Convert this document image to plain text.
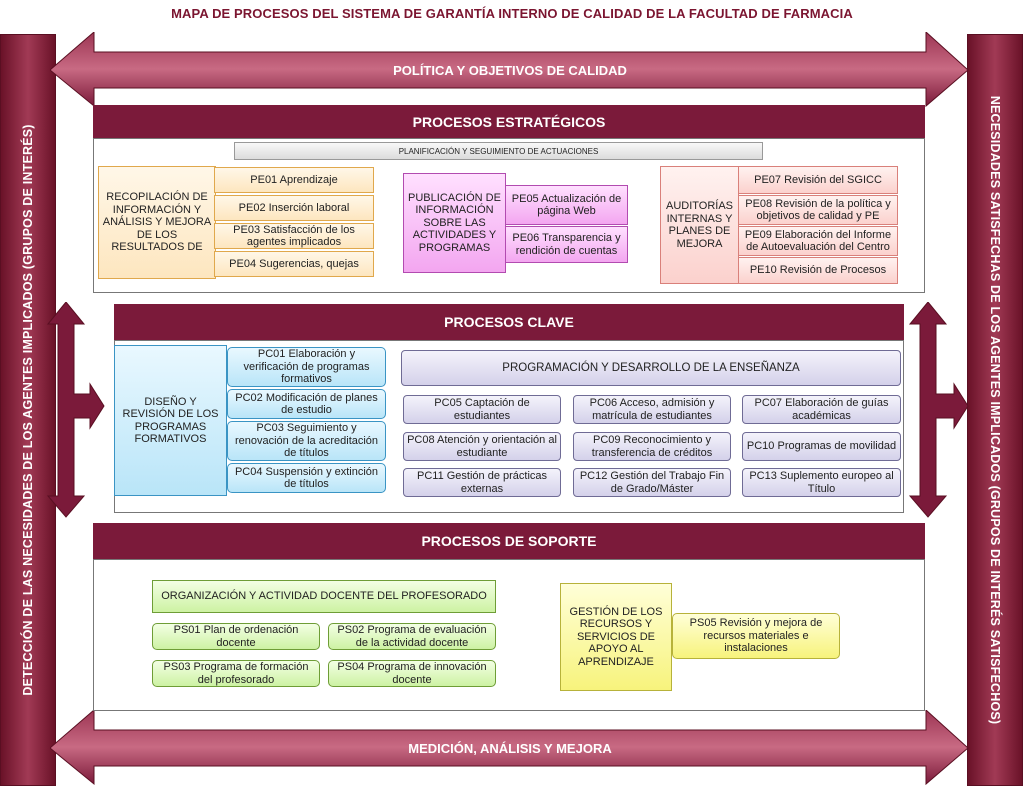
MAPA DE PROCESOS DEL SISTEMA DE GARANTÍA INTERNO DE CALIDAD DE LA FACULTAD DE FARMACIA
DETECCIÓN DE LAS NECESIDADES DE LOS AGENTES IMPLICADOS (GRUPOS DE INTERÉS)	NECESIDADES SATISFECHAS DE LOS AGENTES IMPLICADOS (GRUPOS DE INTERÉS SATISFECHOS)
POLÍTICA Y OBJETIVOS DE CALIDAD
MEDICIÓN, ANÁLISIS Y MEJORA
PROCESOS ESTRATÉGICOS
PLANIFICACIÓN Y SEGUIMIENTO DE ACTUACIONES
RECOPILACIÓN DE INFORMACIÓN Y ANÁLISIS Y MEJORA DE LOS RESULTADOS DE
PE01 Aprendizaje
PE02 Inserción laboral
PE03 Satisfacción de los agentes implicados
PE04 Sugerencias, quejas
PUBLICACIÓN DE INFORMACIÓN SOBRE LAS ACTIVIDADES Y PROGRAMAS
PE05 Actualización de página Web
PE06 Transparencia y rendición de cuentas
AUDITORÍAS INTERNAS Y PLANES DE MEJORA
PE07 Revisión del SGICC
PE08 Revisión de la política y objetivos de calidad y PE
PE09 Elaboración del Informe de Autoevaluación del Centro
PE10 Revisión de Procesos
PROCESOS CLAVE
DISEÑO Y REVISIÓN DE LOS PROGRAMAS FORMATIVOS
PC01 Elaboración y verificación de programas formativos
PC02 Modificación de planes de estudio
PC03 Seguimiento y renovación de la acreditación de títulos
PC04 Suspensión y extinción de títulos
PROGRAMACIÓN Y DESARROLLO DE LA ENSEÑANZA
PC05 Captación de estudiantes
PC06 Acceso, admisión y matrícula de estudiantes
PC07 Elaboración de guías académicas
PC08 Atención y orientación al estudiante
PC09 Reconocimiento y transferencia de créditos
PC10 Programas de movilidad
PC11 Gestión de prácticas externas
PC12 Gestión del Trabajo Fin de Grado/Máster
PC13 Suplemento europeo al Título
PROCESOS DE SOPORTE
ORGANIZACIÓN Y ACTIVIDAD DOCENTE DEL PROFESORADO
PS01 Plan de ordenación docente
PS02 Programa de evaluación de la actividad docente
PS03 Programa de formación del profesorado
PS04 Programa de innovación docente
GESTIÓN DE LOS RECURSOS Y SERVICIOS DE APOYO AL APRENDIZAJE
PS05 Revisión y mejora de recursos materiales e instalaciones
